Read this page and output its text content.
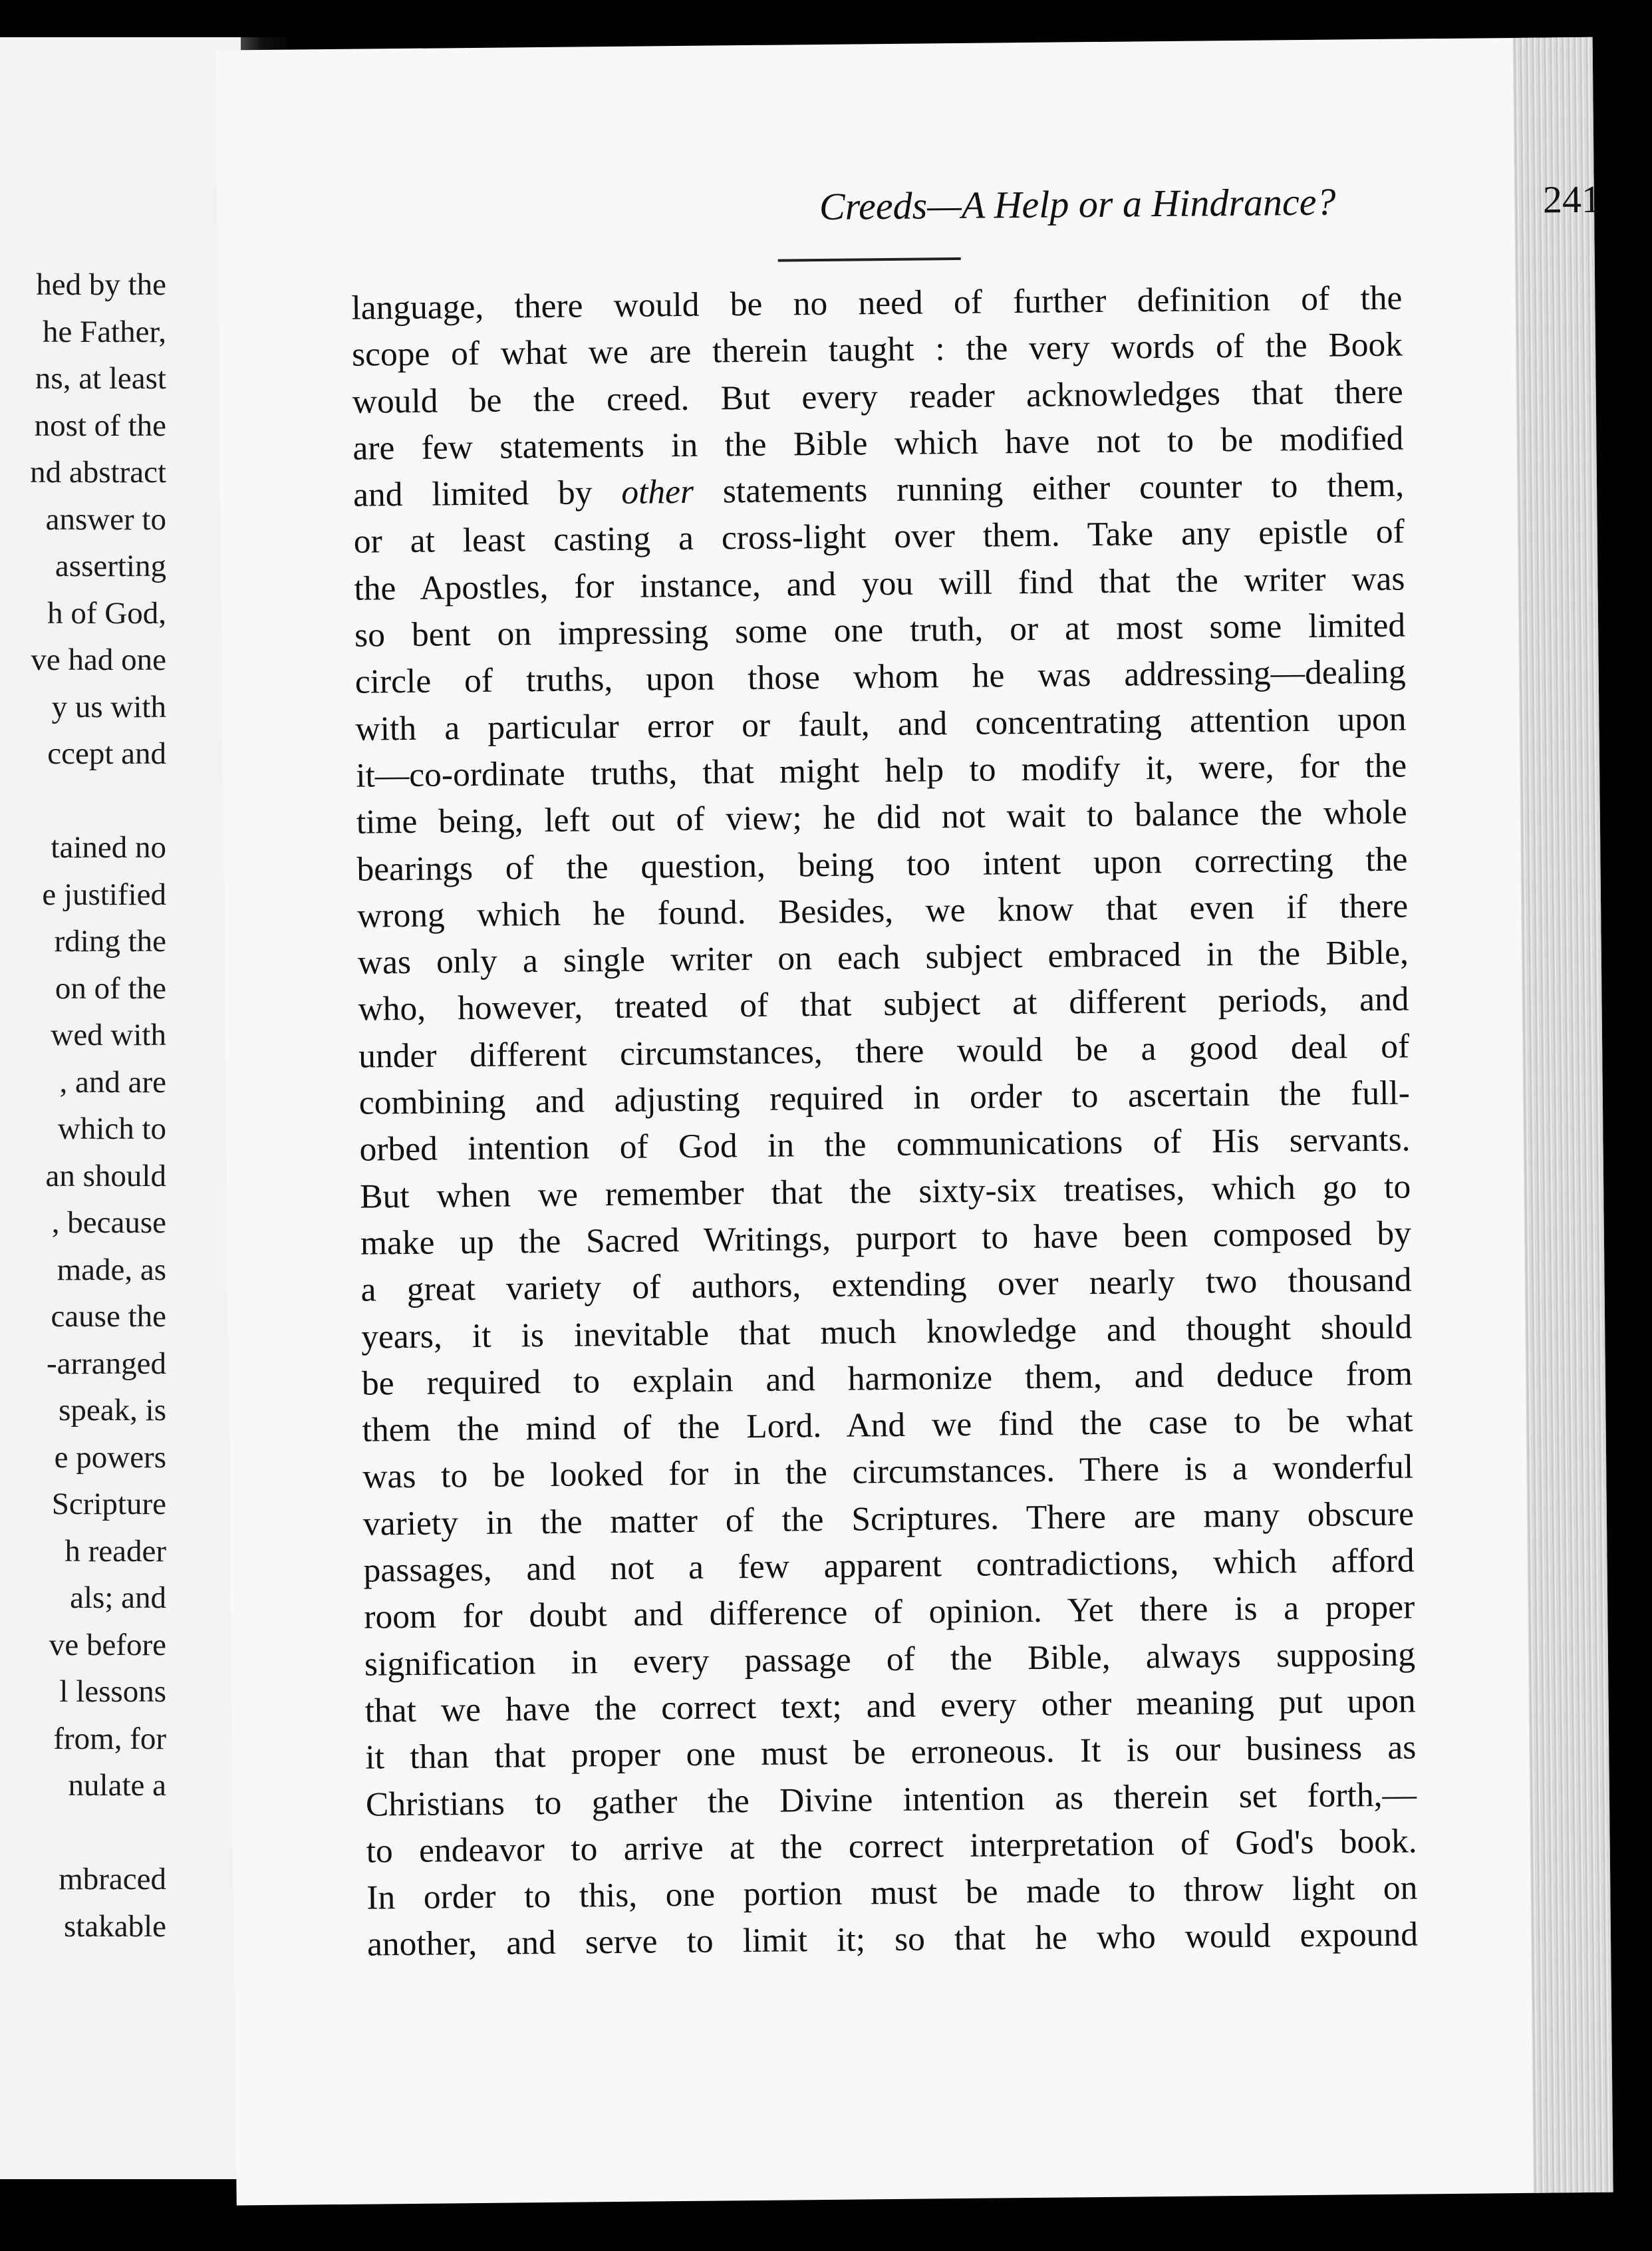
hed by the
he Father,
ns, at least
nost of the
nd abstract
answer to
asserting
h of God,
ve had one
y us with
ccept and
tained no
e justified
rding the
on of the
wed with
, and are
which to
an should
, because
made, as
cause the
-arranged
speak, is
e powers
Scripture
h reader
als; and
ve before
l lessons
from, for
nulate a
mbraced
stakable
Creeds—A Help or a Hindrance?	241
language, there would be no need of further definition of the
scope of what we are therein taught : the very words of the Book
would be the creed. But every reader acknowledges that there
are few statements in the Bible which have not to be modified
and limited by other statements running either counter to them,
or at least casting a cross-light over them. Take any epistle of
the Apostles, for instance, and you will find that the writer was
so bent on impressing some one truth, or at most some limited
circle of truths, upon those whom he was addressing—dealing
with a particular error or fault, and concentrating attention upon
it—co-ordinate truths, that might help to modify it, were, for the
time being, left out of view; he did not wait to balance the whole
bearings of the question, being too intent upon correcting the
wrong which he found. Besides, we know that even if there
was only a single writer on each subject embraced in the Bible,
who, however, treated of that subject at different periods, and
under different circumstances, there would be a good deal of
combining and adjusting required in order to ascertain the full-
orbed intention of God in the communications of His servants.
But when we remember that the sixty-six treatises, which go to
make up the Sacred Writings, purport to have been composed by
a great variety of authors, extending over nearly two thousand
years, it is inevitable that much knowledge and thought should
be required to explain and harmonize them, and deduce from
them the mind of the Lord. And we find the case to be what
was to be looked for in the circumstances. There is a wonderful
variety in the matter of the Scriptures. There are many obscure
passages, and not a few apparent contradictions, which afford
room for doubt and difference of opinion. Yet there is a proper
signification in every passage of the Bible, always supposing
that we have the correct text; and every other meaning put upon
it than that proper one must be erroneous. It is our business as
Christians to gather the Divine intention as therein set forth,—
to endeavor to arrive at the correct interpretation of God's book.
In order to this, one portion must be made to throw light on
another, and serve to limit it; so that he who would expound
